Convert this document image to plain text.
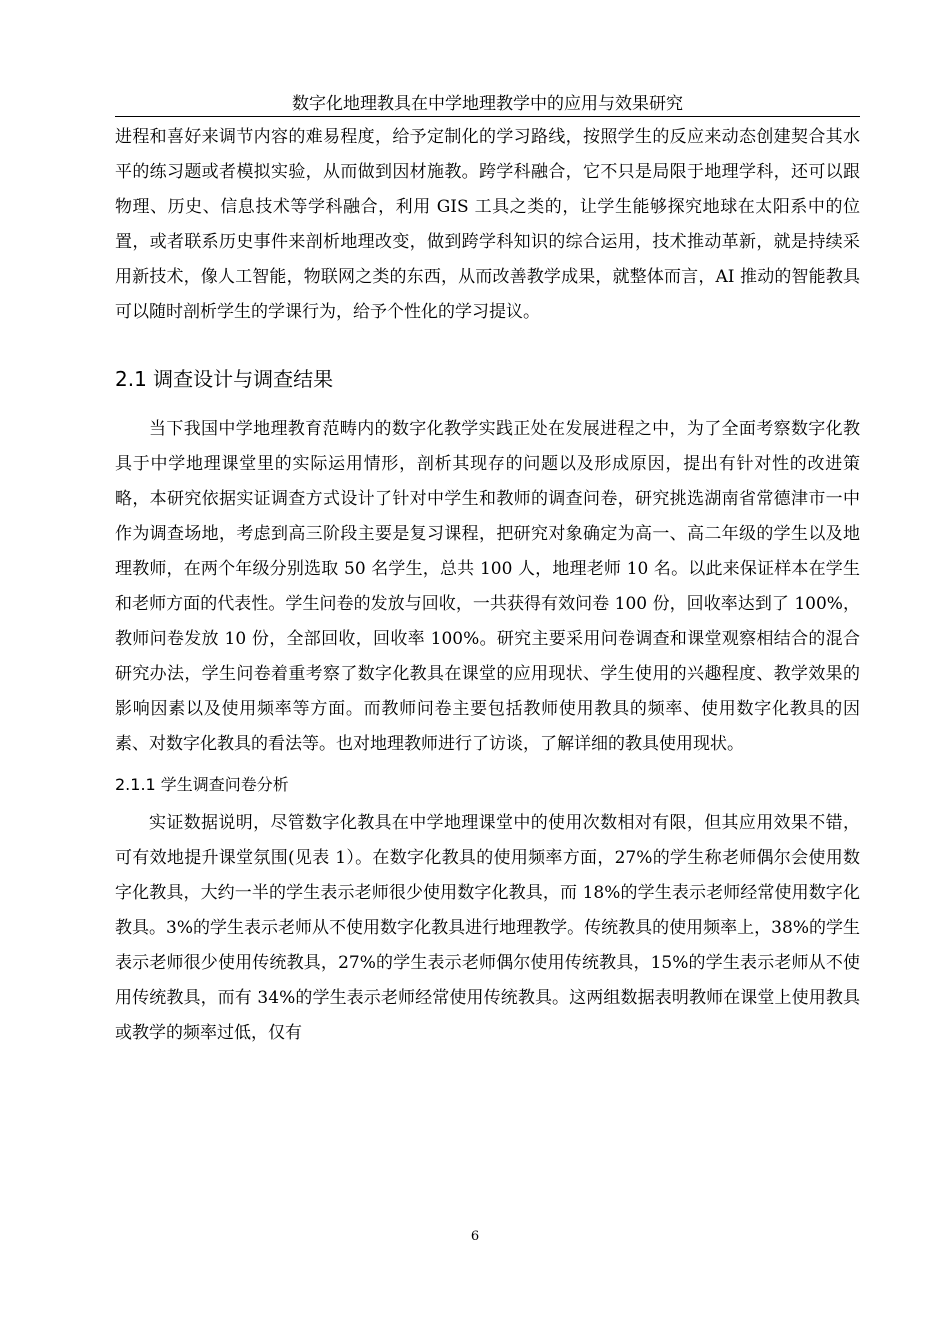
数字化地理教具在中学地理教学中的应用与效果研究

进程和喜好来调节内容的难易程度，给予定制化的学习路线，按照学生的反应来动态创建契合其水平的练习题或者模拟实验，从而做到因材施教。跨学科融合，它不只是局限于地理学科，还可以跟物理、历史、信息技术等学科融合，利用 GIS 工具之类的，让学生能够探究地球在太阳系中的位置，或者联系历史事件来剖析地理改变，做到跨学科知识的综合运用，技术推动革新，就是持续采用新技术，像人工智能，物联网之类的东西，从而改善教学成果，就整体而言，AI 推动的智能教具可以随时剖析学生的学课行为，给予个性化的学习提议。

2.1 调查设计与调查结果

当下我国中学地理教育范畴内的数字化教学实践正处在发展进程之中，为了全面考察数字化教具于中学地理课堂里的实际运用情形，剖析其现存的问题以及形成原因，提出有针对性的改进策略，本研究依据实证调查方式设计了针对中学生和教师的调查问卷，研究挑选湖南省常德津市一中作为调查场地，考虑到高三阶段主要是复习课程，把研究对象确定为高一、高二年级的学生以及地理教师，在两个年级分别选取 50 名学生，总共 100 人，地理老师 10 名。以此来保证样本在学生和老师方面的代表性。学生问卷的发放与回收，一共获得有效问卷 100 份，回收率达到了 100%，教师问卷发放 10 份，全部回收，回收率 100%。研究主要采用问卷调查和课堂观察相结合的混合研究办法，学生问卷着重考察了数字化教具在课堂的应用现状、学生使用的兴趣程度、教学效果的影响因素以及使用频率等方面。而教师问卷主要包括教师使用教具的频率、使用数字化教具的因素、对数字化教具的看法等。也对地理教师进行了访谈，了解详细的教具使用现状。

2.1.1 学生调查问卷分析

实证数据说明，尽管数字化教具在中学地理课堂中的使用次数相对有限，但其应用效果不错，可有效地提升课堂氛围(见表 1）。在数字化教具的使用频率方面，27%的学生称老师偶尔会使用数字化教具，大约一半的学生表示老师很少使用数字化教具，而 18%的学生表示老师经常使用数字化教具。3%的学生表示老师从不使用数字化教具进行地理教学。传统教具的使用频率上，38%的学生表示老师很少使用传统教具，27%的学生表示老师偶尔使用传统教具，15%的学生表示老师从不使用传统教具，而有 34%的学生表示老师经常使用传统教具。这两组数据表明教师在课堂上使用教具或教学的频率过低，仅有

6
